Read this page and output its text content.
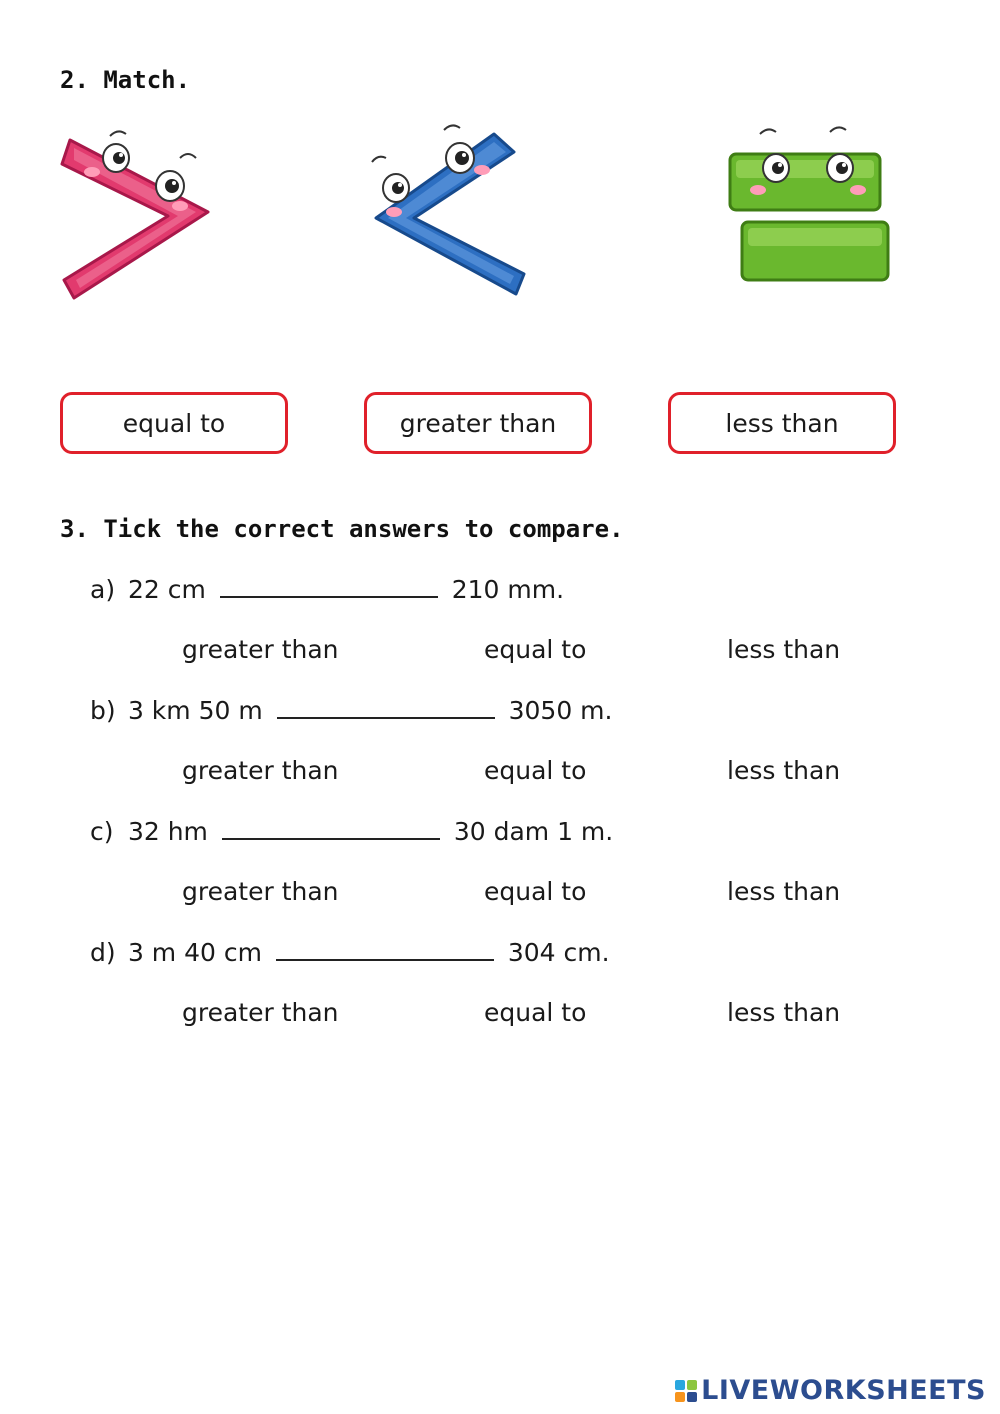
2. Match.
equal to	greater than	less than
3. Tick the correct answers to compare.
a) 22 cm	210 mm.
greater than	equal to	less than
b) 3 km 50 m	3050 m.
greater than	equal to	less than
c) 32 hm	30 dam 1 m.
greater than	equal to	less than
d) 3 m 40 cm	304 cm.
greater than	equal to	less than
LIVEWORKSHEETS
